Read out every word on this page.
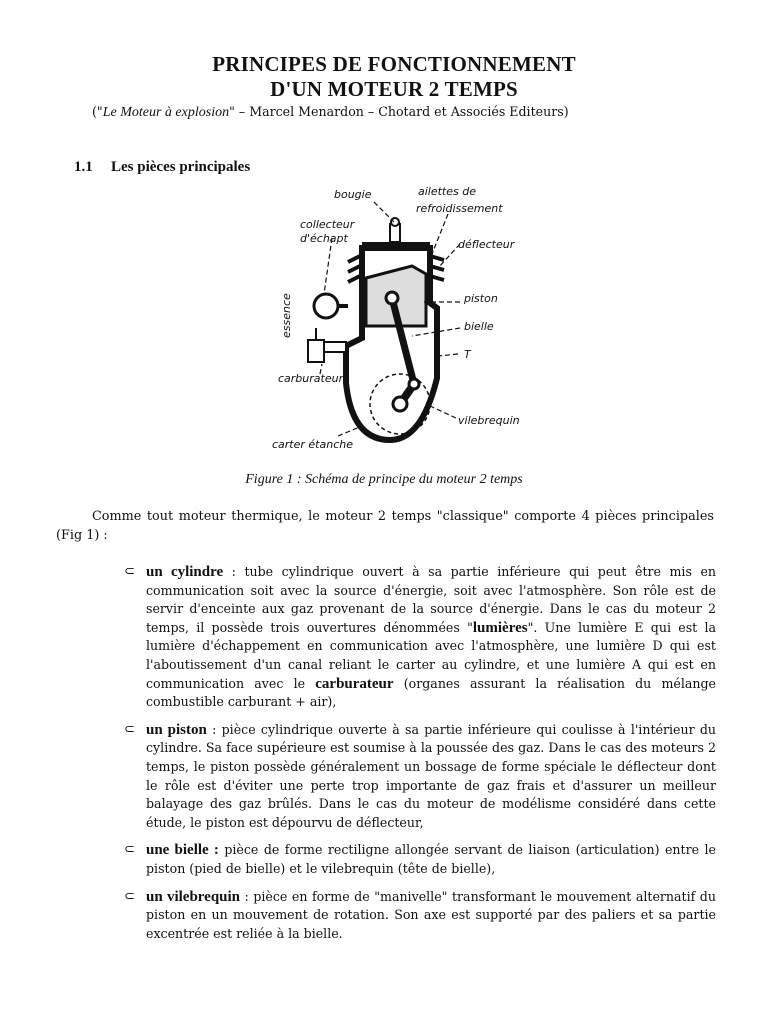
PRINCIPES DE FONCTIONNEMENT
D'UN MOTEUR 2 TEMPS
("Le Moteur à explosion" – Marcel Menardon – Chotard et Associés Editeurs)
1.1 Les pièces principales
bougie	ailettes de
refroidissement
collecteur
d'échapt	déflecteur
essence	piston
bielle
T
carburateur
vilebrequin
carter étanche
Figure 1 : Schéma de principe du moteur 2 temps
Comme tout moteur thermique, le moteur 2 temps "classique" comporte 4 pièces principales (Fig 1) :
⊂ un cylindre : tube cylindrique ouvert à sa partie inférieure qui peut être mis en communication soit avec la source d'énergie, soit avec l'atmosphère. Son rôle est de servir d'enceinte aux gaz provenant de la source d'énergie. Dans le cas du moteur 2 temps, il possède trois ouvertures dénommées "lumières". Une lumière E qui est la lumière d'échappement en communication avec l'atmosphère, une lumière D qui est l'aboutissement d'un canal reliant le carter au cylindre, et une lumière A qui est en communication avec le carburateur (organes assurant la réalisation du mélange combustible carburant + air),
⊂ un piston : pièce cylindrique ouverte à sa partie inférieure qui coulisse à l'intérieur du cylindre. Sa face supérieure est soumise à la poussée des gaz. Dans le cas des moteurs 2 temps, le piston possède généralement un bossage de forme spéciale le déflecteur dont le rôle est d'éviter une perte trop importante de gaz frais et d'assurer un meilleur balayage des gaz brûlés. Dans le cas du moteur de modélisme considéré dans cette étude, le piston est dépourvu de déflecteur,
⊂ une bielle : pièce de forme rectiligne allongée servant de liaison (articulation) entre le piston (pied de bielle) et le vilebrequin (tête de bielle),
⊂ un vilebrequin : pièce en forme de "manivelle" transformant le mouvement alternatif du piston en un mouvement de rotation. Son axe est supporté par des paliers et sa partie excentrée est reliée à la bielle.
